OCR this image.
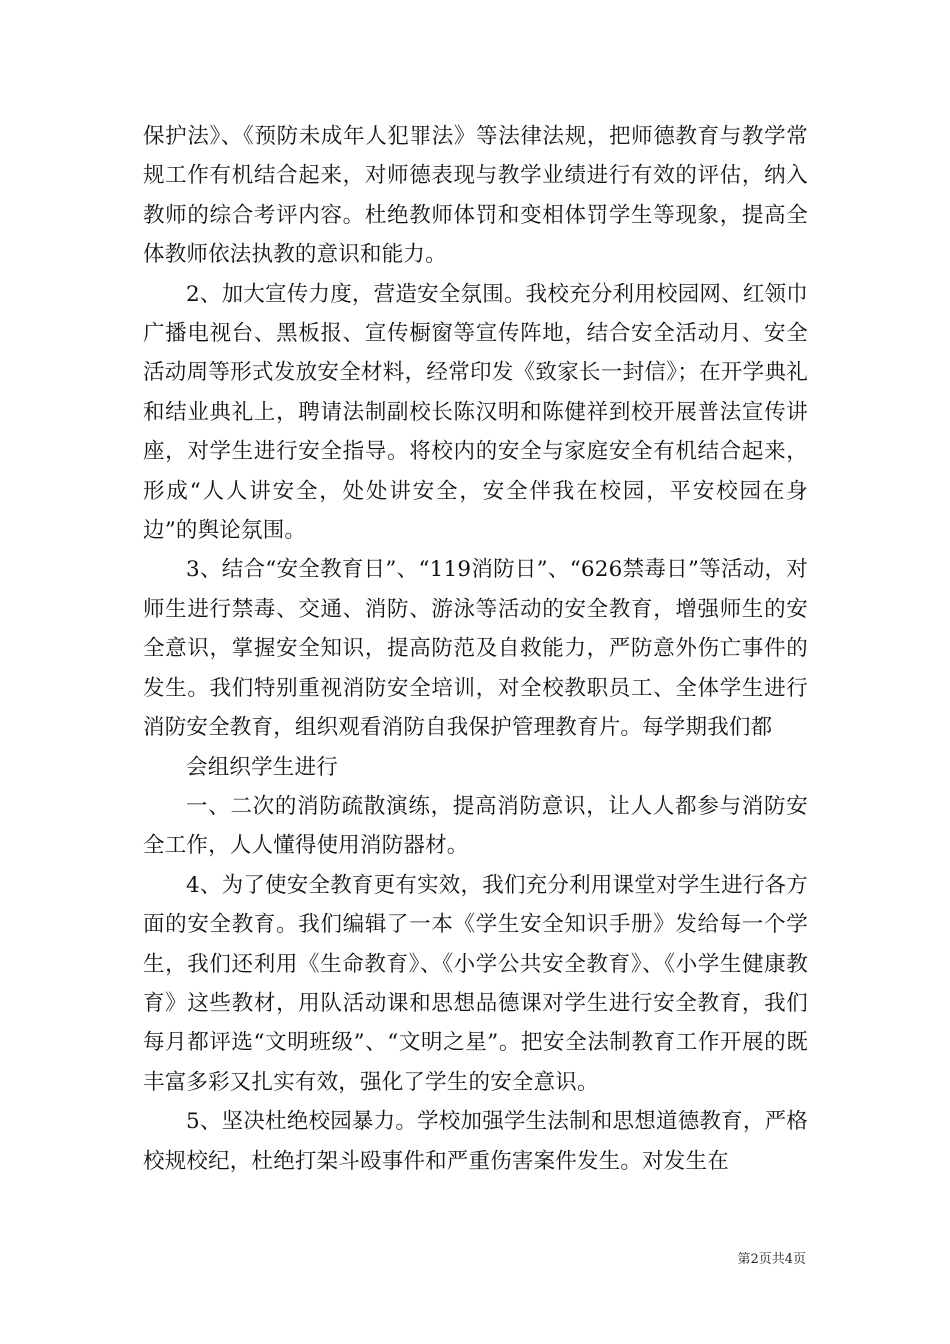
保护法》、《预防未成年人犯罪法》等法律法规，把师德教育与教学常规工作有机结合起来，对师德表现与教学业绩进行有效的评估，纳入教师的综合考评内容。杜绝教师体罚和变相体罚学生等现象，提高全体教师依法执教的意识和能力。

2、加大宣传力度，营造安全氛围。我校充分利用校园网、红领巾广播电视台、黑板报、宣传橱窗等宣传阵地，结合安全活动月、安全活动周等形式发放安全材料，经常印发《致家长一封信》；在开学典礼和结业典礼上，聘请法制副校长陈汉明和陈健祥到校开展普法宣传讲座，对学生进行安全指导。将校内的安全与家庭安全有机结合起来，形成“人人讲安全，处处讲安全，安全伴我在校园，平安校园在身边”的舆论氛围。

3、结合“安全教育日”、“119消防日”、“626禁毒日”等活动，对师生进行禁毒、交通、消防、游泳等活动的安全教育，增强师生的安全意识，掌握安全知识，提高防范及自救能力，严防意外伤亡事件的发生。我们特别重视消防安全培训，对全校教职员工、全体学生进行消防安全教育，组织观看消防自我保护管理教育片。每学期我们都

会组织学生进行

一、二次的消防疏散演练，提高消防意识，让人人都参与消防安全工作，人人懂得使用消防器材。

4、为了使安全教育更有实效，我们充分利用课堂对学生进行各方面的安全教育。我们编辑了一本《学生安全知识手册》发给每一个学生，我们还利用《生命教育》、《小学公共安全教育》、《小学生健康教育》这些教材，用队活动课和思想品德课对学生进行安全教育，我们每月都评选“文明班级”、“文明之星”。把安全法制教育工作开展的既丰富多彩又扎实有效，强化了学生的安全意识。

5、坚决杜绝校园暴力。学校加强学生法制和思想道德教育，严格校规校纪，杜绝打架斗殴事件和严重伤害案件发生。对发生在

第2页共4页
